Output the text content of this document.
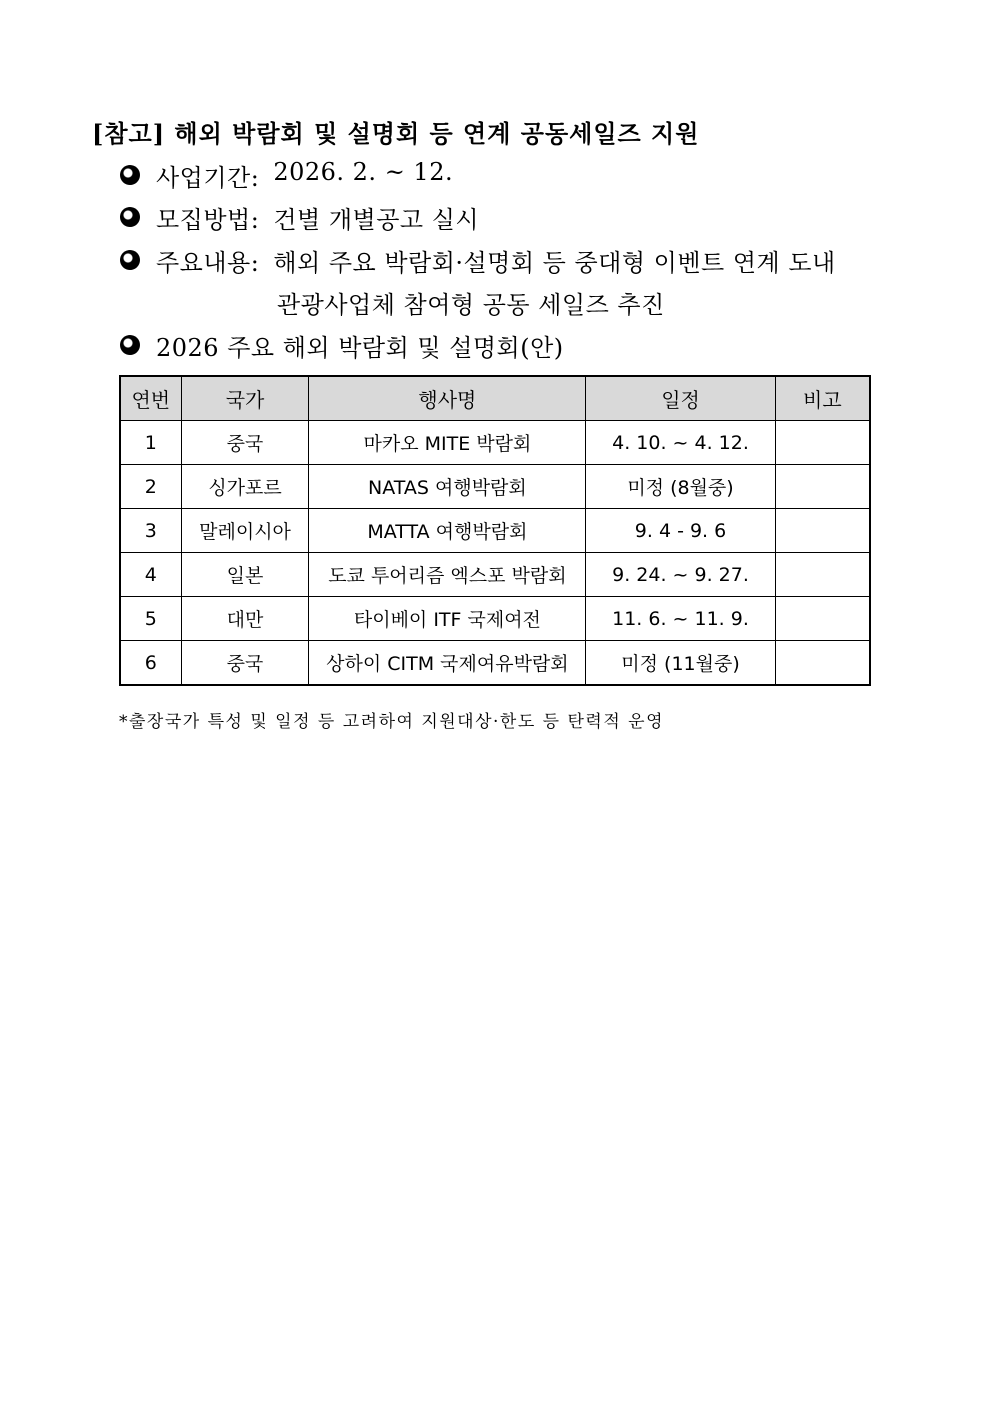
[참고] 해외 박람회 및 설명회 등 연계 공동세일즈 지원
사업기간: 2026. 2. ~ 12.
모집방법: 건별 개별공고 실시
주요내용: 해외 주요 박람회·설명회 등 중대형 이벤트 연계 도내
관광사업체 참여형 공동 세일즈 추진
2026 주요 해외 박람회 및 설명회(안)
연번	국가	행사명	일정	비고
1	중국	마카오 MITE 박람회	4. 10. ~ 4. 12.	
2	싱가포르	NATAS 여행박람회	미정 (8월중)	
3	말레이시아	MATTA 여행박람회	9. 4 - 9. 6	
4	일본	도쿄 투어리즘 엑스포 박람회	9. 24. ~ 9. 27.	
5	대만	타이베이 ITF 국제여전	11. 6. ~ 11. 9.	
6	중국	상하이 CITM 국제여유박람회	미정 (11월중)	
*출장국가 특성 및 일정 등 고려하여 지원대상·한도 등 탄력적 운영
